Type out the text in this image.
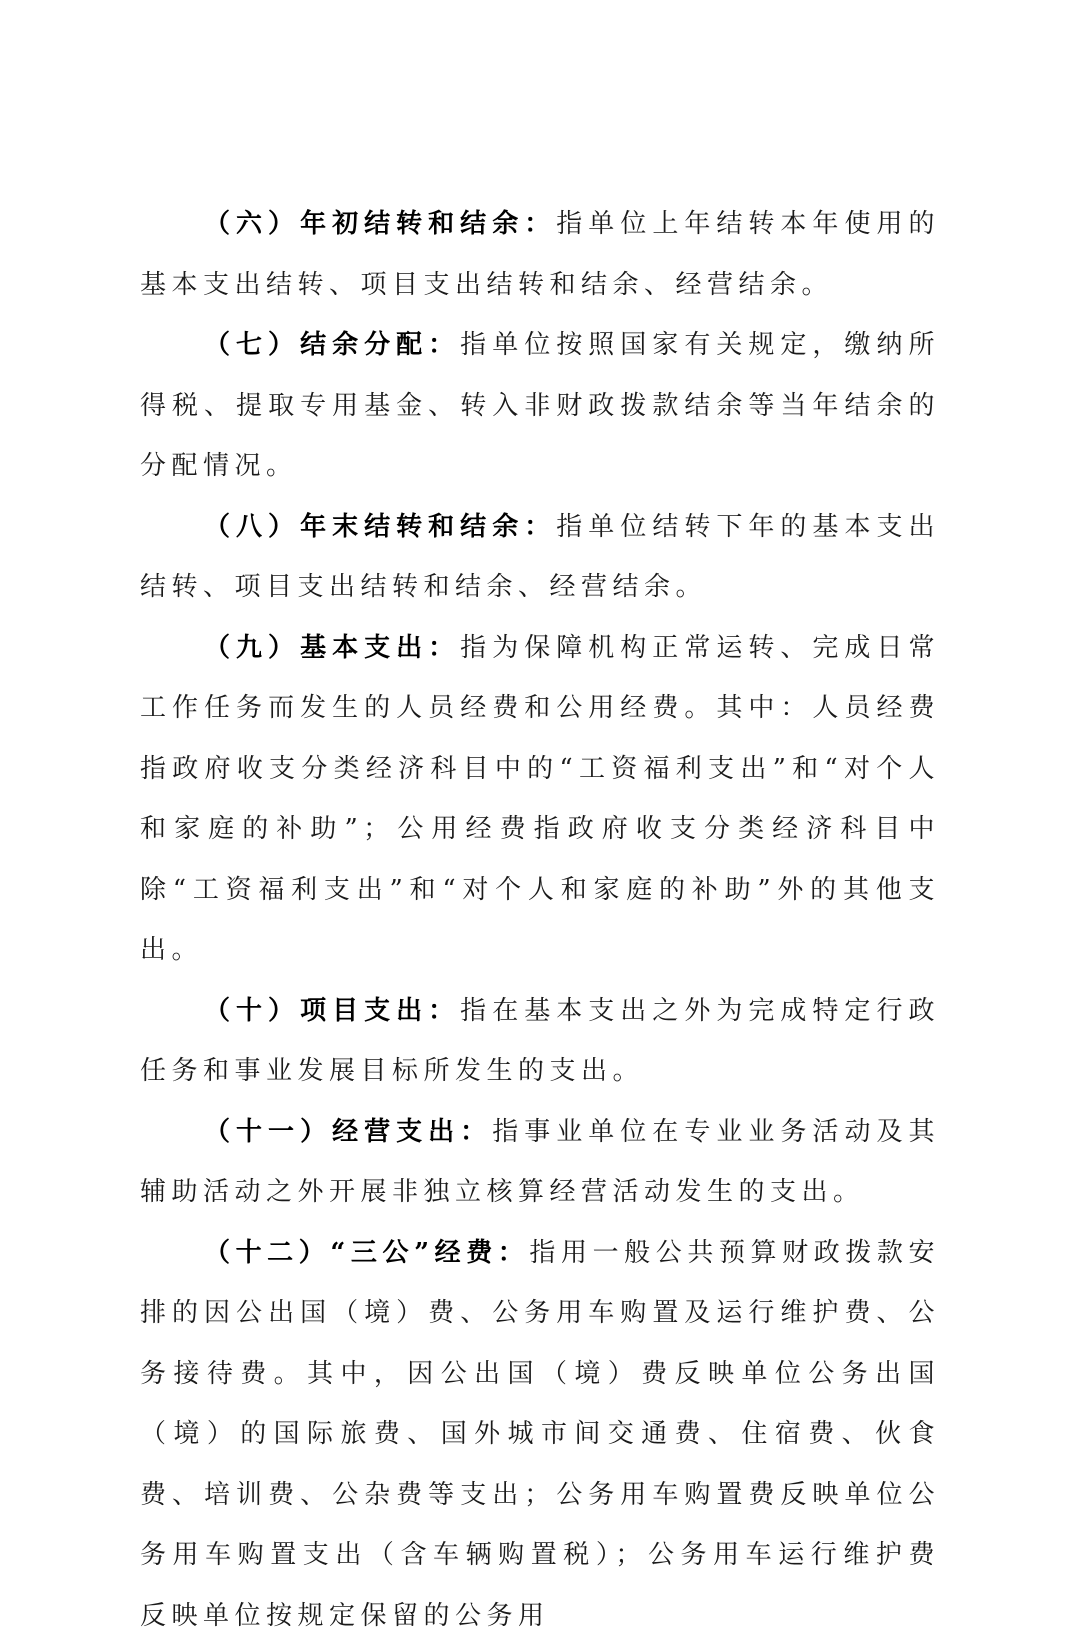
（六）年初结转和结余：指单位上年结转本年使用的基本支出结转、项目支出结转和结余、经营结余。

（七）结余分配：指单位按照国家有关规定，缴纳所得税、提取专用基金、转入非财政拨款结余等当年结余的分配情况。

（八）年末结转和结余：指单位结转下年的基本支出结转、项目支出结转和结余、经营结余。

（九）基本支出：指为保障机构正常运转、完成日常工作任务而发生的人员经费和公用经费。其中：人员经费指政府收支分类经济科目中的“工资福利支出”和“对个人和家庭的补助”；公用经费指政府收支分类经济科目中除“工资福利支出”和“对个人和家庭的补助”外的其他支出。

（十）项目支出：指在基本支出之外为完成特定行政任务和事业发展目标所发生的支出。

（十一）经营支出：指事业单位在专业业务活动及其辅助活动之外开展非独立核算经营活动发生的支出。

（十二）“三公”经费：指用一般公共预算财政拨款安排的因公出国（境）费、公务用车购置及运行维护费、公务接待费。其中，因公出国（境）费反映单位公务出国（境）的国际旅费、国外城市间交通费、住宿费、伙食费、培训费、公杂费等支出；公务用车购置费反映单位公务用车购置支出（含车辆购置税）；公务用车运行维护费反映单位按规定保留的公务用
